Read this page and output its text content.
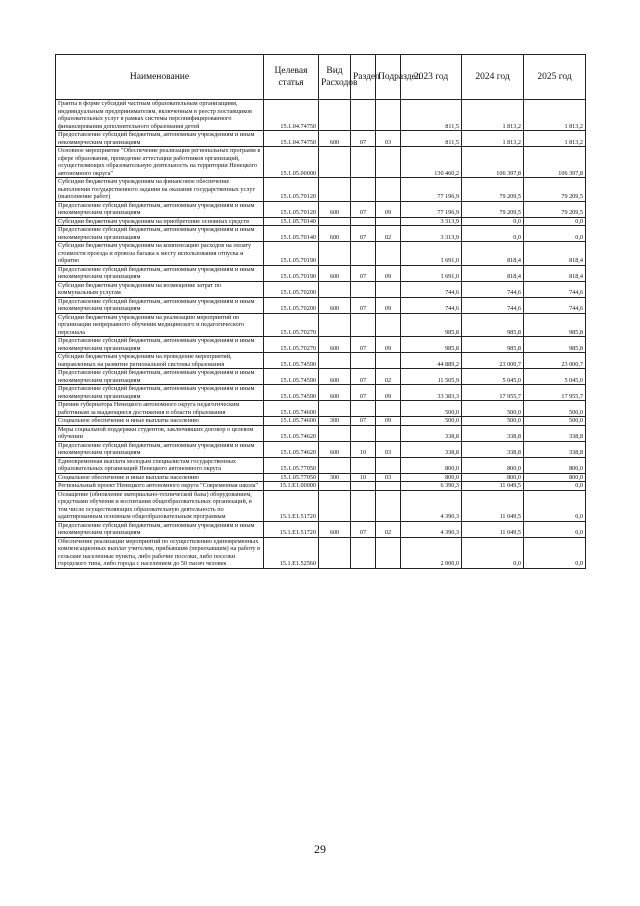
Наименование	Целевая статья	Вид Расходов	Раздел	Подраздел	2023 год	2024 год	2025 год
Гранты в форме субсидий частным образовательным организациям, индивидуальным предпринимателям, включенным в реестр поставщиков образовательных услуг в рамках системы персонифицированного финансирования дополнительного образования детей	15.1.04.74750				811,5	1 813,2	1 813,2
Предоставление субсидий бюджетным, автономным учреждениям и иным некоммерческим организациям	15.1.04.74750	600	07	03	811,5	1 813,2	1 813,2
Основное мероприятие "Обеспечение реализации региональных программ в сфере образования, проведение аттестации работников организаций, осуществляющих образовательную деятельность на территории Ненецкого автономного округа"	15.1.05.00000				130 460,2	106 397,8	106 397,8
Субсидии бюджетным учреждениям на финансовое обеспечение выполнения государственного задания на оказание государственных услуг (выполнение работ)	15.1.05.70120				77 196,9	79 209,5	79 209,5
Предоставление субсидий бюджетным, автономным учреждениям и иным некоммерческим организациям	15.1.05.70120	600	07	09	77 196,9	79 209,5	79 209,5
Субсидии бюджетным учреждениям на приобретение основных средств	15.1.05.70140				3 313,9	0,0	0,0
Предоставление субсидий бюджетным, автономным учреждениям и иным некоммерческим организациям	15.1.05.70140	600	07	02	3 313,9	0,0	0,0
Субсидии бюджетным учреждениям на компенсацию расходов на оплату стоимости проезда и провоза багажа к месту использования отпуска и обратно	15.1.05.70190				1 691,0	818,4	818,4
Предоставление субсидий бюджетным, автономным учреждениям и иным некоммерческим организациям	15.1.05.70190	600	07	09	1 691,0	818,4	818,4
Субсидии бюджетным учреждениям на возмещение затрат по коммунальным услугам	15.1.05.70200				744,6	744,6	744,6
Предоставление субсидий бюджетным, автономным учреждениям и иным некоммерческим организациям	15.1.05.70200	600	07	09	744,6	744,6	744,6
Субсидии бюджетным учреждениям на реализацию мероприятий по организации непрерывного обучения медицинского и педагогического персонала	15.1.05.70270				985,8	985,8	985,8
Предоставление субсидий бюджетным, автономным учреждениям и иным некоммерческим организациям	15.1.05.70270	600	07	09	985,8	985,8	985,8
Субсидии бюджетным учреждениям на проведение мероприятий, направленных на развитие региональной системы образования	15.1.05.74590				44 889,2	23 000,7	23 000,7
Предоставление субсидий бюджетным, автономным учреждениям и иным некоммерческим организациям	15.1.05.74590	600	07	02	11 505,9	5 045,0	5 045,0
Предоставление субсидий бюджетным, автономным учреждениям и иным некоммерческим организациям	15.1.05.74590	600	07	09	33 383,3	17 955,7	17 955,7
Премии губернатора Ненецкого автономного округа педагогическим работникам за выдающиеся достижения в области образования	15.1.05.74600				500,0	500,0	500,0
Социальное обеспечение и иные выплаты населению	15.1.05.74600	300	07	09	500,0	500,0	500,0
Меры социальной поддержки студентов, заключивших договор о целевом обучении	15.1.05.74620				338,8	338,8	338,8
Предоставление субсидий бюджетным, автономным учреждениям и иным некоммерческим организациям	15.1.05.74620	600	10	03	338,8	338,8	338,8
Единовременная выплата молодым специалистам государственных образовательных организаций Ненецкого автономного округа	15.1.05.77050				800,0	800,0	800,0
Социальное обеспечение и иные выплаты населению	15.1.05.77050	300	10	03	800,0	800,0	800,0
Региональный проект Ненецкого автономного округа "Современная школа"	15.1.Е1.00000				6 390,3	11 049,5	0,0
Оснащение (обновление материально-технической базы) оборудованием, средствами обучения и воспитания общеобразовательных организаций, в том числе осуществляющих образовательную деятельность по адаптированным основным общеобразовательным программам	15.1.Е1.51720				4 390,3	11 049,5	0,0
Предоставление субсидий бюджетным, автономным учреждениям и иным некоммерческим организациям	15.1.Е1.51720	600	07	02	4 390,3	11 049,5	0,0
Обеспечение реализации мероприятий по осуществлению единовременных компенсационных выплат учителям, прибывшим (переехавшим) на работу в сельские населенные пункты, либо рабочие поселки, либо поселки городского типа, либо города с населением до 50 тысяч человек	15.1.Е1.52560				2 000,0	0,0	0,0
29
